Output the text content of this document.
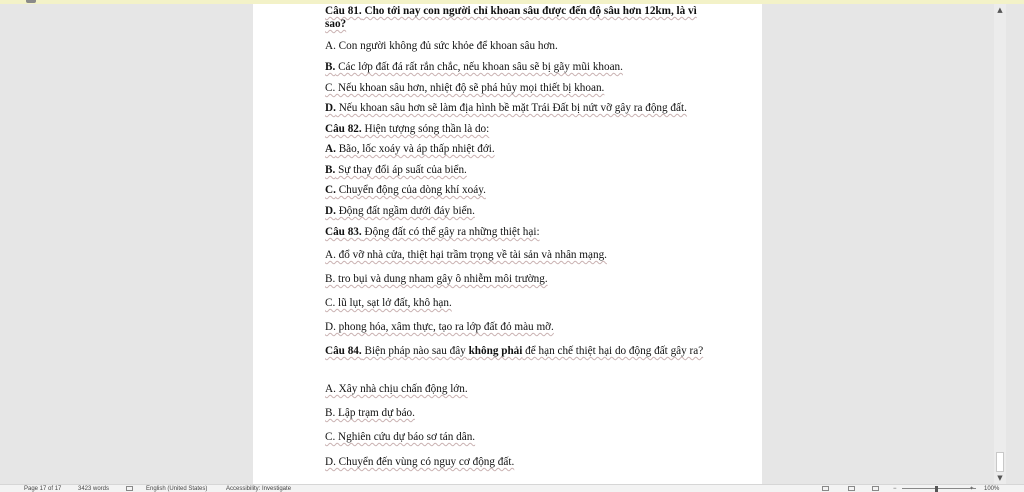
Câu 81. Cho tới nay con người chỉ khoan sâu được đến độ sâu hơn 12km, là vì sao?
A. Con người không đủ sức khỏe để khoan sâu hơn.
B. Các lớp đất đá rất rắn chắc, nếu khoan sâu sẽ bị gãy mũi khoan.
C. Nếu khoan sâu hơn, nhiệt độ sẽ phá hủy mọi thiết bị khoan.
D. Nếu khoan sâu hơn sẽ làm địa hình bề mặt Trái Đất bị nứt vỡ gây ra động đất.
Câu 82. Hiện tượng sóng thần là do:
A. Bão, lốc xoáy và áp thấp nhiệt đới.
B. Sự thay đổi áp suất của biển.
C. Chuyển động của dòng khí xoáy.
D. Động đất ngầm dưới đáy biển.
Câu 83. Động đất có thể gây ra những thiệt hại:
A. đổ vỡ nhà cửa, thiệt hại trầm trọng về tài sản và nhân mạng.
B. tro bụi và dung nham gây ô nhiễm môi trường.
C. lũ lụt, sạt lở đất, khô hạn.
D. phong hóa, xâm thực, tạo ra lớp đất đỏ màu mỡ.
Câu 84. Biện pháp nào sau đây không phải để hạn chế thiệt hại do động đất gây ra?
A. Xây nhà chịu chấn động lớn.
B. Lập trạm dự báo.
C. Nghiên cứu dự báo sơ tán dân.
D. Chuyển đến vùng có nguy cơ động đất.
▲
▼
Page 17 of 17	3423 words	English (United States)	Accessibility: Investigate	−	+ 100%
